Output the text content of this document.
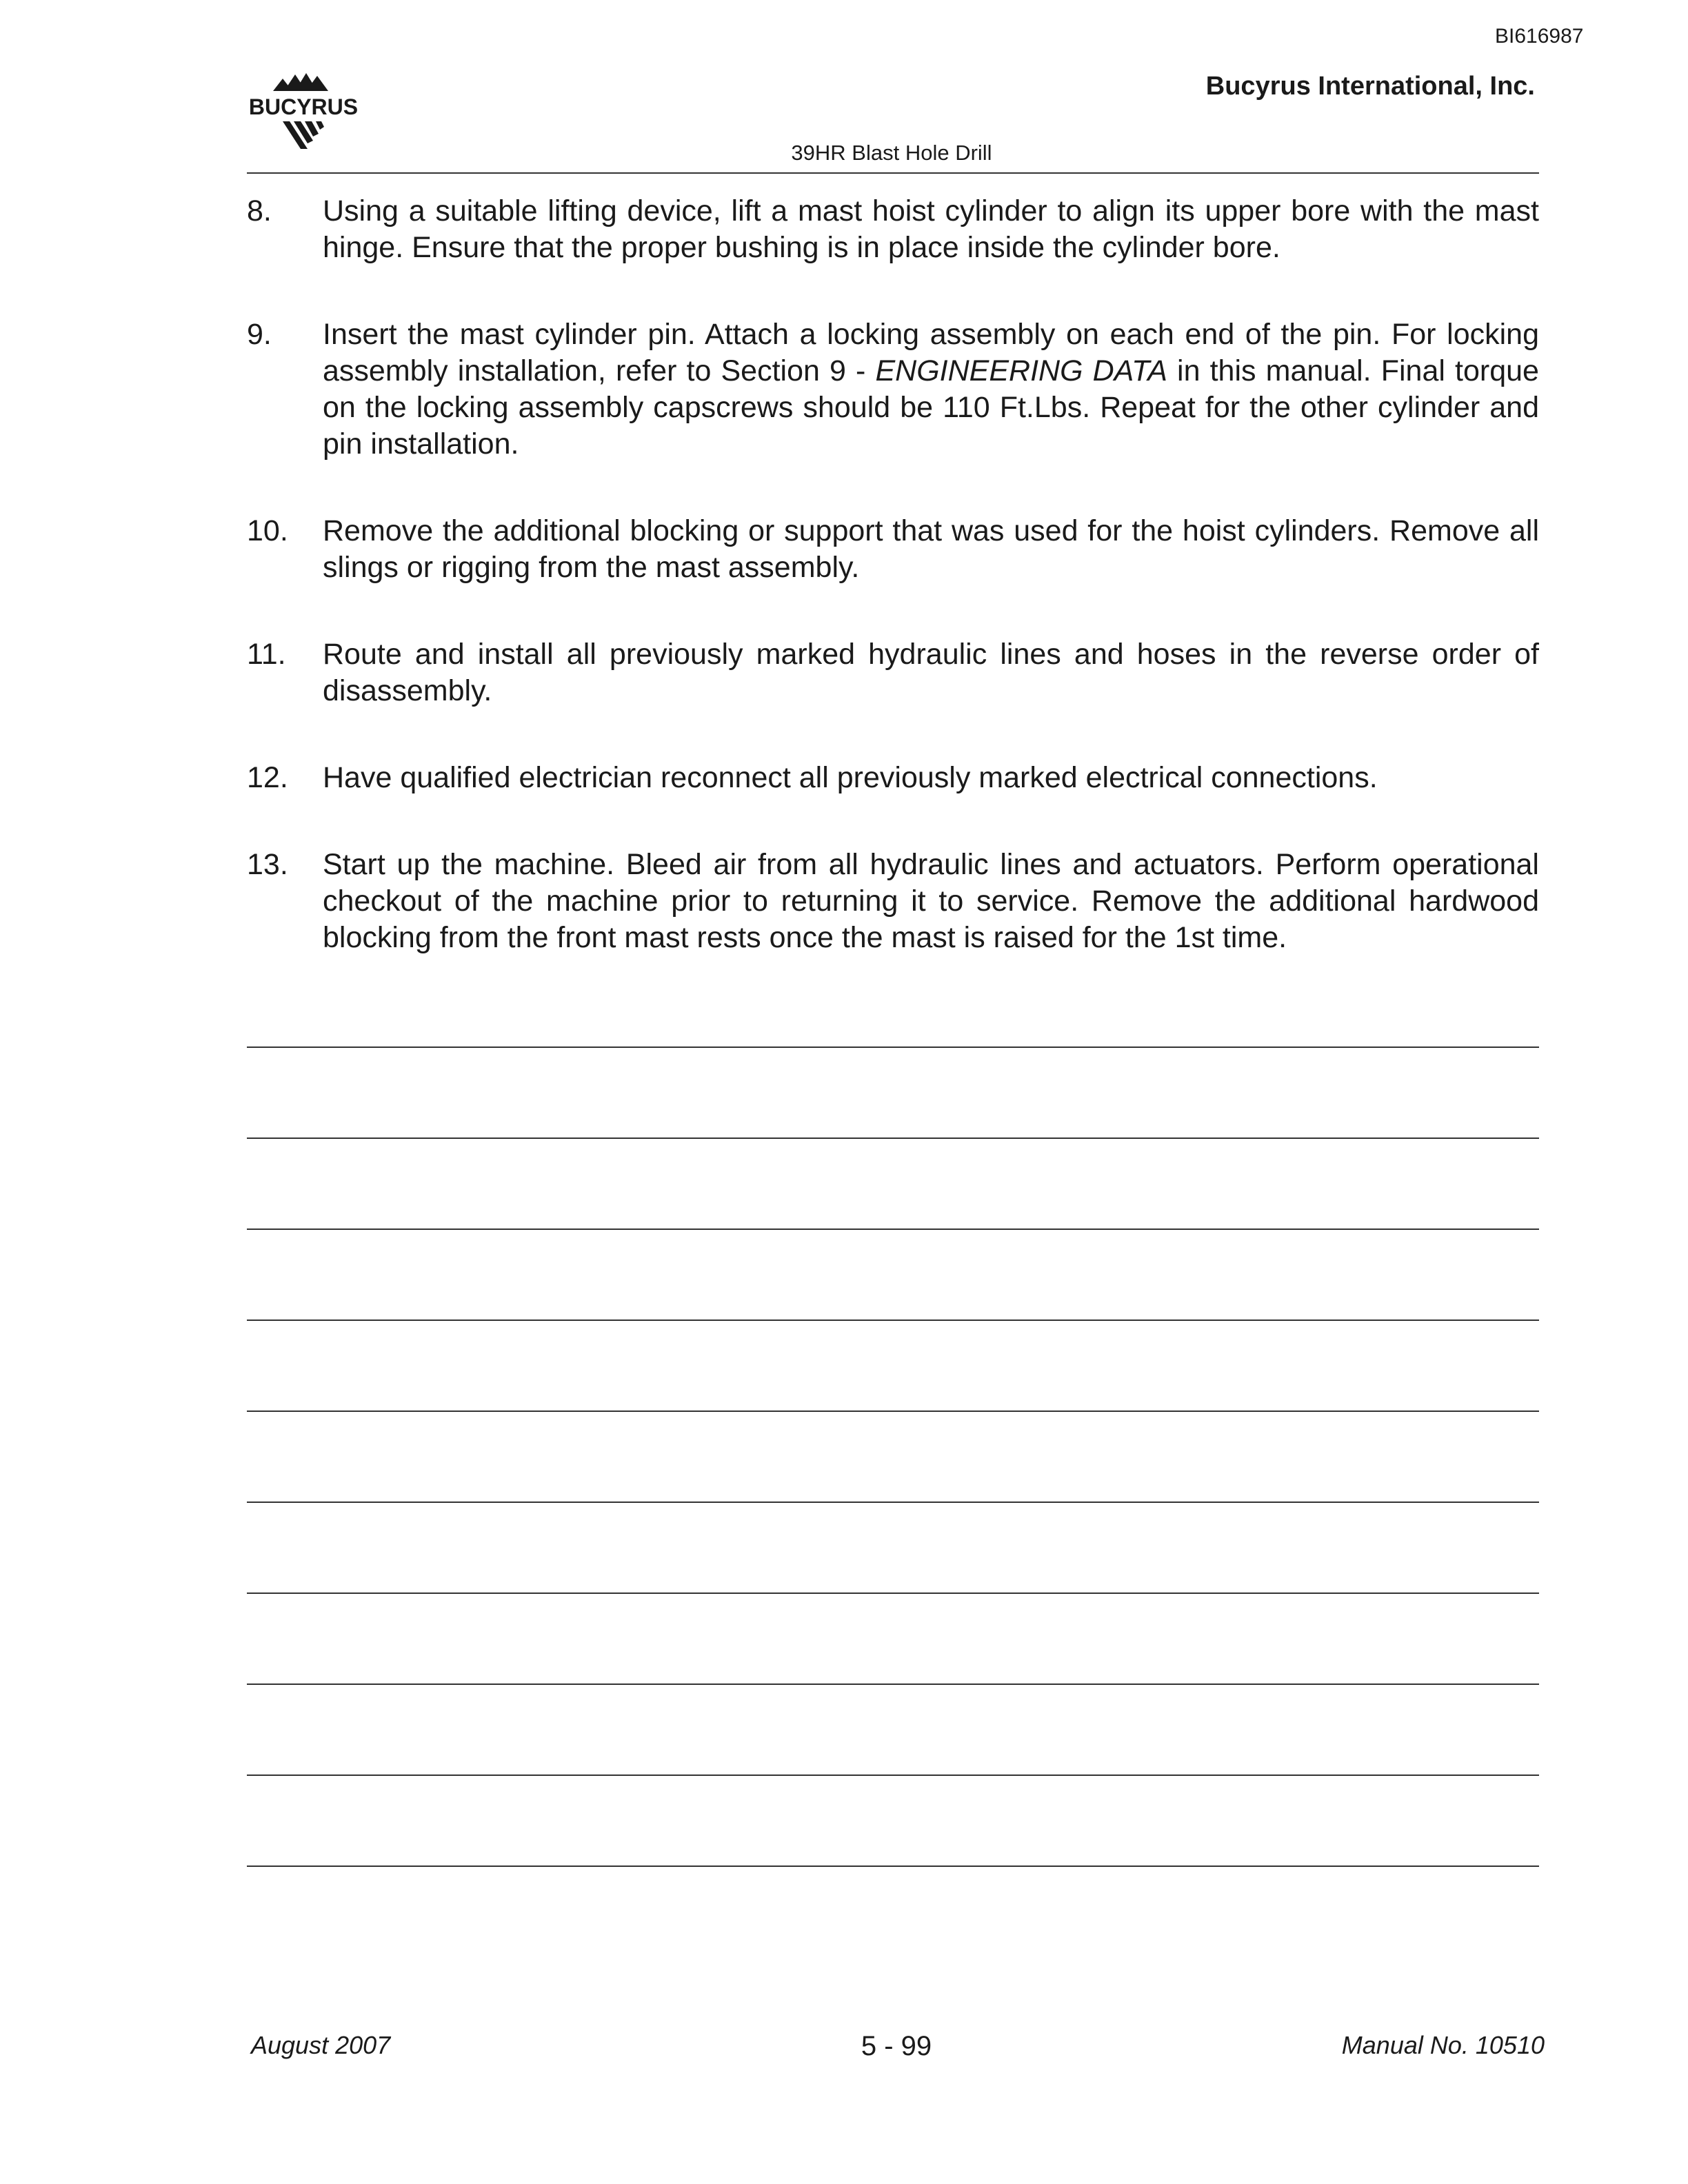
BI616987
BUCYRUS
Bucyrus International, Inc.
39HR Blast Hole Drill
8.	Using a suitable lifting device, lift a mast hoist cylinder to align its upper bore with the mast hinge. Ensure that the proper bushing is in place inside the cylinder bore.
9.	Insert the mast cylinder pin. Attach a locking assembly on each end of the pin. For locking assembly installation, refer to Section 9 - ENGINEERING DATA in this manual. Final torque on the locking assembly capscrews should be 110 Ft.Lbs. Repeat for the other cylinder and pin installation.
10.	Remove the additional blocking or support that was used for the hoist cylinders. Remove all slings or rigging from the mast assembly.
11.	Route and install all previously marked hydraulic lines and hoses in the reverse order of disassembly.
12.	Have qualified electrician reconnect all previously marked electrical connections.
13.	Start up the machine. Bleed air from all hydraulic lines and actuators. Perform operational checkout of the machine prior to returning it to service. Remove the additional hardwood blocking from the front mast rests once the mast is raised for the 1st time.
August 2007	5 - 99	Manual No. 10510
